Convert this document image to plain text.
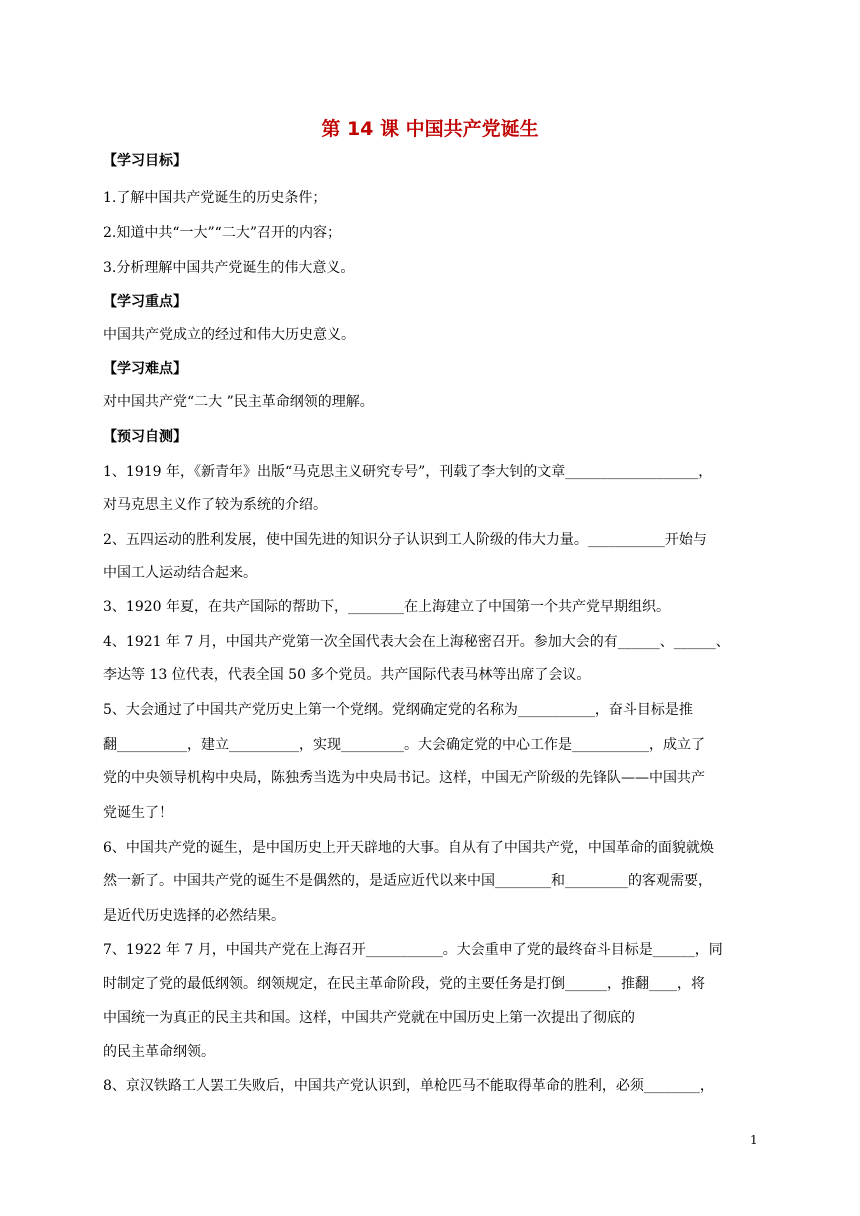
第 14 课 中国共产党诞生
【学习目标】
1.了解中国共产党诞生的历史条件；
2.知道中共“一大”“二大”召开的内容；
3.分析理解中国共产党诞生的伟大意义。
【学习重点】
中国共产党成立的经过和伟大历史意义。
【学习难点】
对中国共产党“二大 ”民主革命纲领的理解。
【预习自测】
1、1919 年，《新青年》出版“马克思主义研究专号”，刊载了李大钊的文章___________________，
对马克思主义作了较为系统的介绍。
2、五四运动的胜利发展，使中国先进的知识分子认识到工人阶级的伟大力量。___________开始与
中国工人运动结合起来。
3、1920 年夏，在共产国际的帮助下，________在上海建立了中国第一个共产党早期组织。
4、1921 年 7 月，中国共产党第一次全国代表大会在上海秘密召开。参加大会的有______、______、
李达等 13 位代表，代表全国 50 多个党员。共产国际代表马林等出席了会议。
5、大会通过了中国共产党历史上第一个党纲。党纲确定党的名称为___________，奋斗目标是推
翻__________，建立__________，实现_________。大会确定党的中心工作是___________，成立了
党的中央领导机构中央局，陈独秀当选为中央局书记。这样，中国无产阶级的先锋队——中国共产
党诞生了！
6、中国共产党的诞生，是中国历史上开天辟地的大事。自从有了中国共产党，中国革命的面貌就焕
然一新了。中国共产党的诞生不是偶然的，是适应近代以来中国________和_________的客观需要，
是近代历史选择的必然结果。
7、1922 年 7 月，中国共产党在上海召开___________。大会重申了党的最终奋斗目标是______，同
时制定了党的最低纲领。纲领规定，在民主革命阶段，党的主要任务是打倒______，推翻____，将
中国统一为真正的民主共和国。这样，中国共产党就在中国历史上第一次提出了彻底的
的民主革命纲领。
8、京汉铁路工人罢工失败后，中国共产党认识到，单枪匹马不能取得革命的胜利，必须________，
1
